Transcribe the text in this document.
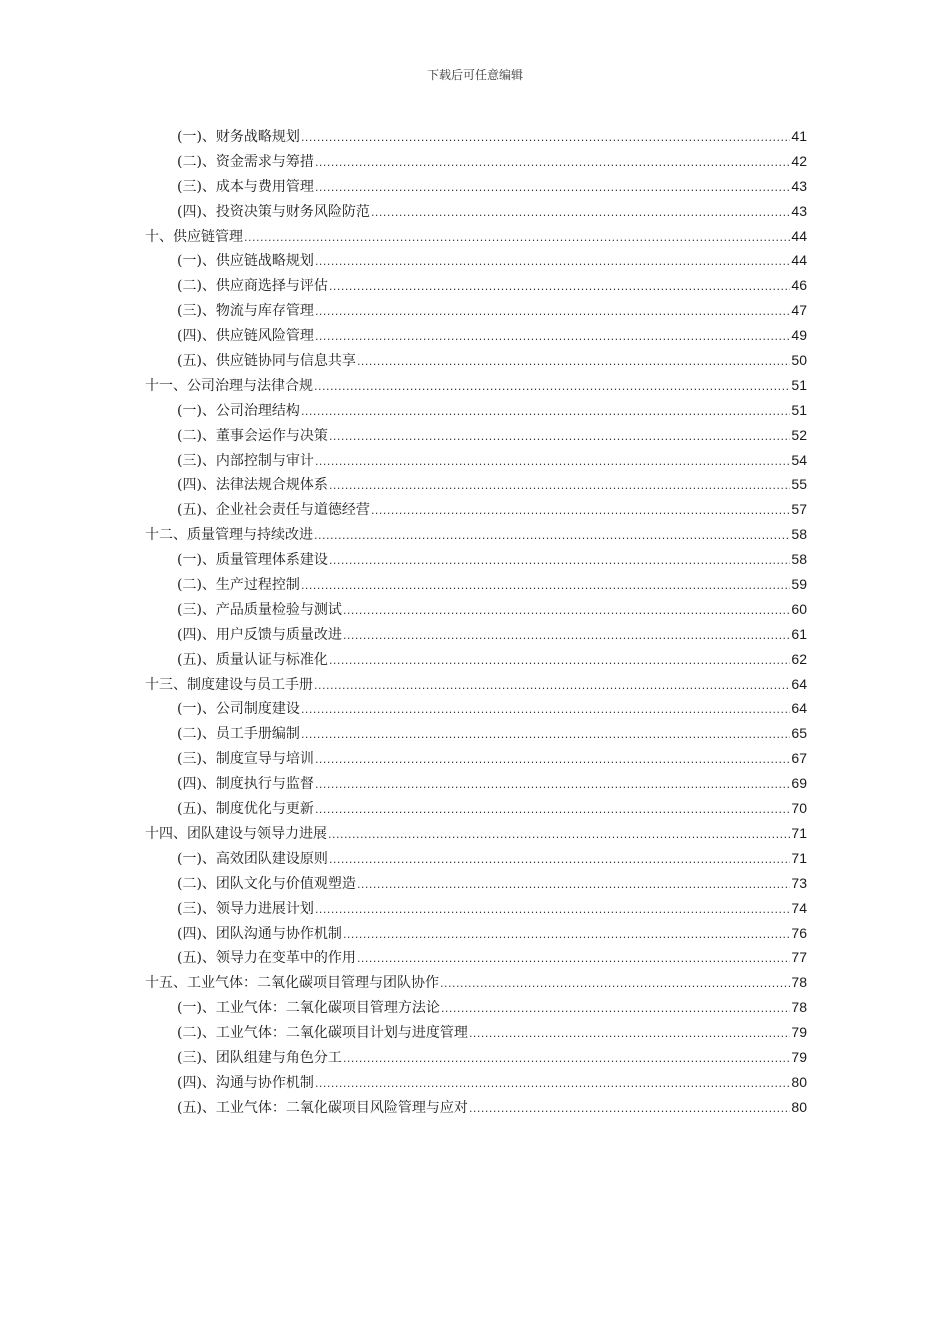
下载后可任意编辑
(一)、财务战略规划 .....	41
(二)、资金需求与筹措 .....	42
(三)、成本与费用管理 .....	43
(四)、投资决策与财务风险防范 .....	43
十、供应链管理 .....	44
(一)、供应链战略规划 .....	44
(二)、供应商选择与评估 .....	46
(三)、物流与库存管理 .....	47
(四)、供应链风险管理 .....	49
(五)、供应链协同与信息共享 .....	50
十一、公司治理与法律合规 .....	51
(一)、公司治理结构 .....	51
(二)、董事会运作与决策 .....	52
(三)、内部控制与审计 .....	54
(四)、法律法规合规体系 .....	55
(五)、企业社会责任与道德经营 .....	57
十二、质量管理与持续改进 .....	58
(一)、质量管理体系建设 .....	58
(二)、生产过程控制 .....	59
(三)、产品质量检验与测试 .....	60
(四)、用户反馈与质量改进 .....	61
(五)、质量认证与标准化 .....	62
十三、制度建设与员工手册 .....	64
(一)、公司制度建设 .....	64
(二)、员工手册编制 .....	65
(三)、制度宣导与培训 .....	67
(四)、制度执行与监督 .....	69
(五)、制度优化与更新 .....	70
十四、团队建设与领导力进展 .....	71
(一)、高效团队建设原则 .....	71
(二)、团队文化与价值观塑造 .....	73
(三)、领导力进展计划 .....	74
(四)、团队沟通与协作机制 .....	76
(五)、领导力在变革中的作用 .....	77
十五、工业气体：二氧化碳项目管理与团队协作 .....	78
(一)、工业气体：二氧化碳项目管理方法论 .....	78
(二)、工业气体：二氧化碳项目计划与进度管理 .....	79
(三)、团队组建与角色分工 .....	79
(四)、沟通与协作机制 .....	80
(五)、工业气体：二氧化碳项目风险管理与应对 .....	80
